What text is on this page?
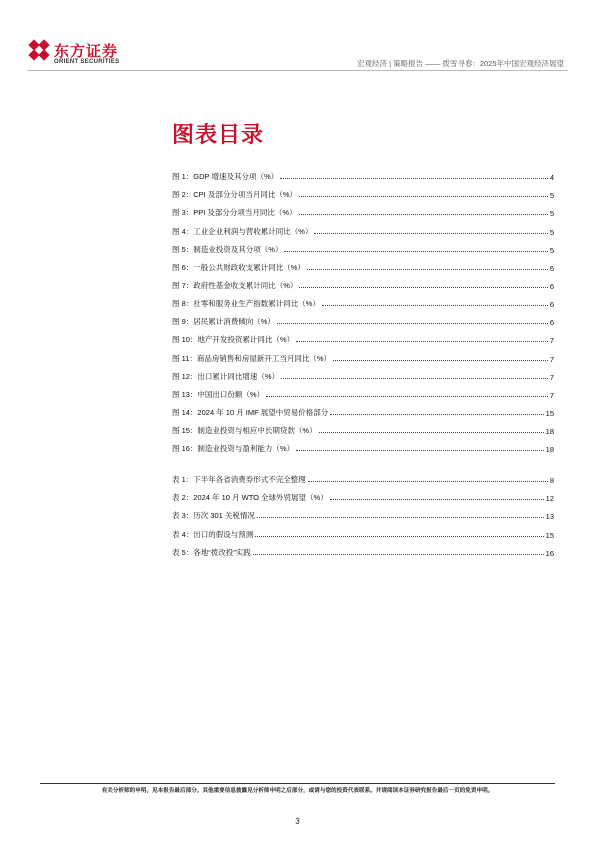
东方证券
ORIENT SECURITIES	宏观经济 | 策略报告 —— 拨雪寻春：2025年中国宏观经济展望
图表目录
图 1：GDP 增速及其分项（%）	4
图 2：CPI 及部分分项当月同比（%）	5
图 3：PPI 及部分分项当月同比（%）	5
图 4：工业企业利润与营收累计同比（%）	5
图 5：制造业投资及其分项（%）	5
图 6：一般公共财政收支累计同比（%）	6
图 7：政府性基金收支累计同比（%）	6
图 8：社零和服务业生产指数累计同比（%）	6
图 9：居民累计消费倾向（%）	6
图 10：地产开发投资累计同比（%）	7
图 11：商品房销售和房屋新开工当月同比（%）	7
图 12：出口累计同比增速（%）	7
图 13：中国出口份额（%）	7
图 14：2024 年 10 月 IMF 展望中贸易价格部分	15
图 15：制造业投资与相应中长期贷款（%）	18
图 16：制造业投资与盈利能力（%）	18
表 1：下半年各省消费券形式不完全整理	8
表 2：2024 年 10 月 WTO 全球外贸展望（%）	12
表 3：历次 301 关税情况	13
表 4：出口的假设与预测	15
表 5：各地“拨改投”实践	16
有关分析师的申明，见本报告最后部分。其他重要信息披露见分析师申明之后部分，或请与您的投资代表联系。并请阅读本证券研究报告最后一页的免责申明。
3
